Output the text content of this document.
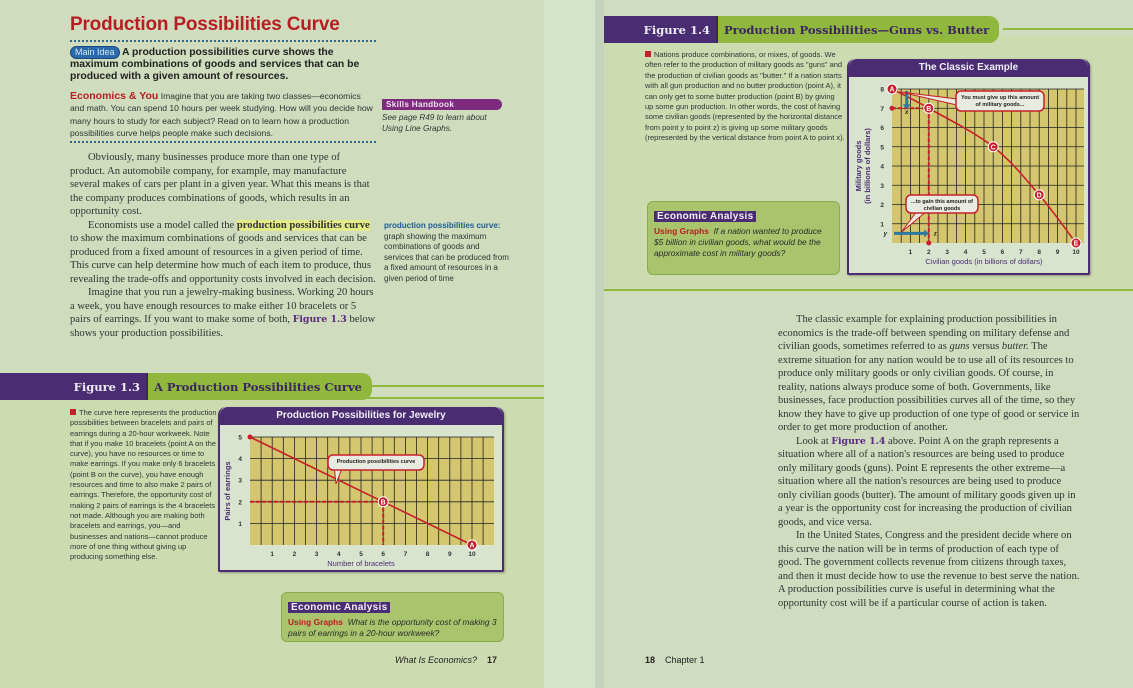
Production Possibilities Curve
Main Idea A production possibilities curve shows the maximum combinations of goods and services that can be produced with a given amount of resources.
Economics & You Imagine that you are taking two classes—economics and math. You can spend 10 hours per week studying. How will you decide how many hours to study for each subject? Read on to learn how a production possibilities curve helps people make such decisions.
Skills Handbook
See page R49 to learn about Using Line Graphs.

Obviously, many businesses produce more than one type of product. An automobile company, for example, may manufacture several makes of cars per plant in a given year. What this means is that the company produces combinations of goods, which results in an opportunity cost.

Economists use a model called the production possibilities curve to show the maximum combinations of goods and services that can be produced from a fixed amount of resources in a given period of time. This curve can help determine how much of each item to produce, thus revealing the trade-offs and opportunity costs involved in each decision.

Imagine that you run a jewelry-making business. Working 20 hours a week, you have enough resources to make either 10 bracelets or 5 pairs of earrings. If you want to make some of both, Figure 1.3 below shows your production possibilities.

production possibilities curve: graph showing the maximum combinations of goods and services that can be produced from a fixed amount of resources in a given period of time
Figure 1.3	A Production Possibilities Curve
The curve here represents the production possibilities between bracelets and pairs of earrings during a 20-hour workweek. Note that if you make 10 bracelets (point A on the curve), you have no resources or time to make earrings. If you make only 6 bracelets (point B on the curve), you have enough resources and time to also make 2 pairs of earrings. Therefore, the opportunity cost of making 2 pairs of earrings is the 4 bracelets not made. Although you are making both bracelets and earrings, you—and businesses and nations—cannot produce more of one thing without giving up producing something else.
Production Possibilities for Jewelry
1	2	3	4	5	6	7	8	9	10
1
2
3
4
5
Number of bracelets
Pairs of earrings	B
A
Production possibilities curve
Economic Analysis
Using Graphs What is the opportunity cost of making 3 pairs of earrings in a 20-hour workweek?
What Is Economics? 17
Figure 1.4	Production Possibilities—Guns vs. Butter
Nations produce combinations, or mixes, of goods. We often refer to the production of military goods as "guns" and the production of civilian goods as "butter." If a nation starts with all gun production and no butter production (point A), it can only get to some butter production (point B) by giving up some gun production. In other words, the cost of having some civilian goods (represented by the horizontal distance from point y to point z) is giving up some military goods (represented by the vertical distance from point A to point x).
Economic Analysis
Using Graphs If a nation wanted to produce $5 billion in civilian goods, what would be the approximate cost in military goods?
The Classic Example
1 2 3 4 5 6 7 8 9 10
1
2
3
4
5
6
7
8
Civilian goods (in billions of dollars)
Military goods (in billions of dollars)
x
y	z
A
B
C
D
E
You must give up this amount
of military goods...
...to gain this amount of
civilian goods

The classic example for explaining production possibilities in economics is the trade-off between spending on military defense and civilian goods, sometimes referred to as guns versus butter. The extreme situation for any nation would be to use all of its resources to produce only military goods or only civilian goods. Of course, in reality, nations always produce some of both. Governments, like businesses, face production possibilities curves all of the time, so they know they have to give up production of one type of good or service in order to get more production of another.

Look at Figure 1.4 above. Point A on the graph represents a situation where all of a nation's resources are being used to produce only military goods (guns). Point E represents the other extreme—a situation where all the nation's resources are being used to produce only civilian goods (butter). The amount of military goods given up in a year is the opportunity cost for increasing the production of civilian goods, and vice versa.

In the United States, Congress and the president decide where on this curve the nation will be in terms of production of each type of good. The government collects revenue from citizens through taxes, and then it must decide how to use the revenue to best serve the nation. A production possibilities curve is useful in determining what the opportunity cost will be if a particular course of action is taken.

18 Chapter 1
